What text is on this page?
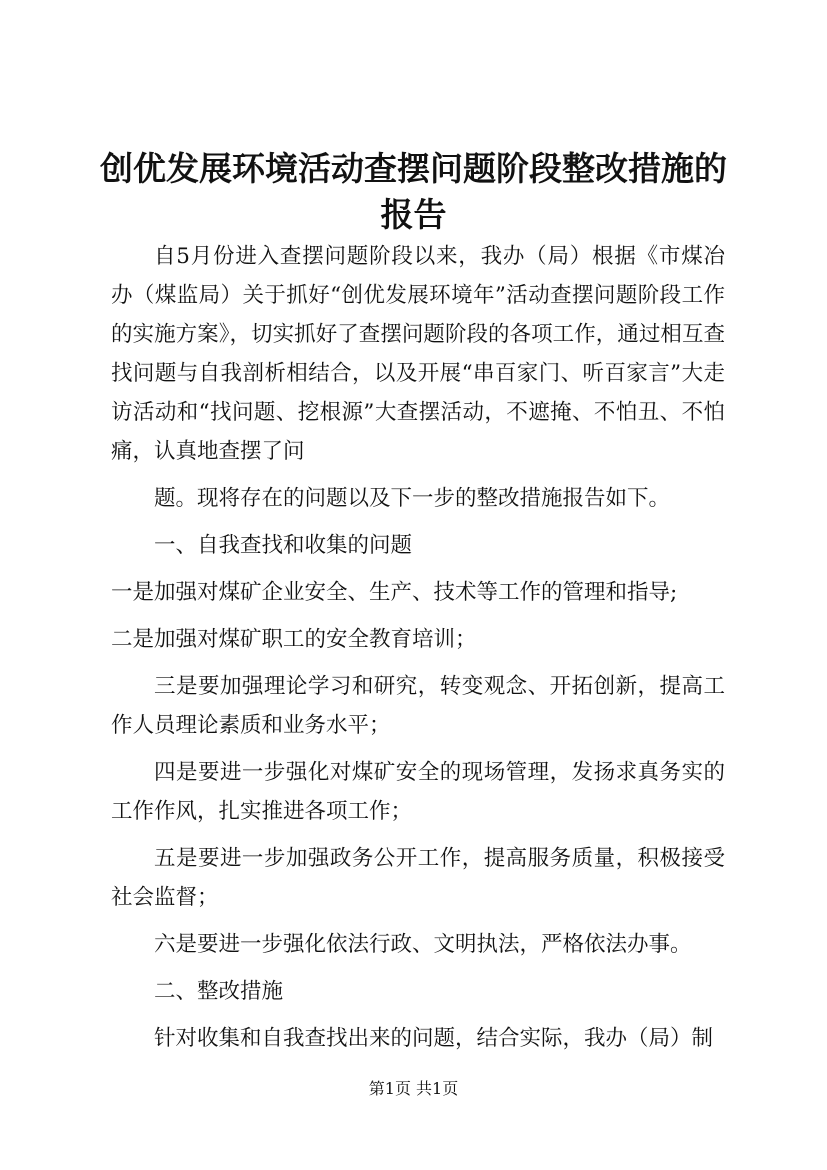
创优发展环境活动查摆问题阶段整改措施的报告

自5月份进入查摆问题阶段以来，我办（局）根据《市煤冶办（煤监局）关于抓好“创优发展环境年”活动查摆问题阶段工作的实施方案》，切实抓好了查摆问题阶段的各项工作，通过相互查找问题与自我剖析相结合，以及开展“串百家门、听百家言”大走访活动和“找问题、挖根源”大查摆活动，不遮掩、不怕丑、不怕痛，认真地查摆了问

题。现将存在的问题以及下一步的整改措施报告如下。

一、自我查找和收集的问题

一是加强对煤矿企业安全、生产、技术等工作的管理和指导;

二是加强对煤矿职工的安全教育培训；

三是要加强理论学习和研究，转变观念、开拓创新，提高工作人员理论素质和业务水平；

四是要进一步强化对煤矿安全的现场管理，发扬求真务实的工作作风，扎实推进各项工作；

五是要进一步加强政务公开工作，提高服务质量，积极接受社会监督；

六是要进一步强化依法行政、文明执法，严格依法办事。

二、整改措施

针对收集和自我查找出来的问题，结合实际，我办（局）制

第1页 共1页
